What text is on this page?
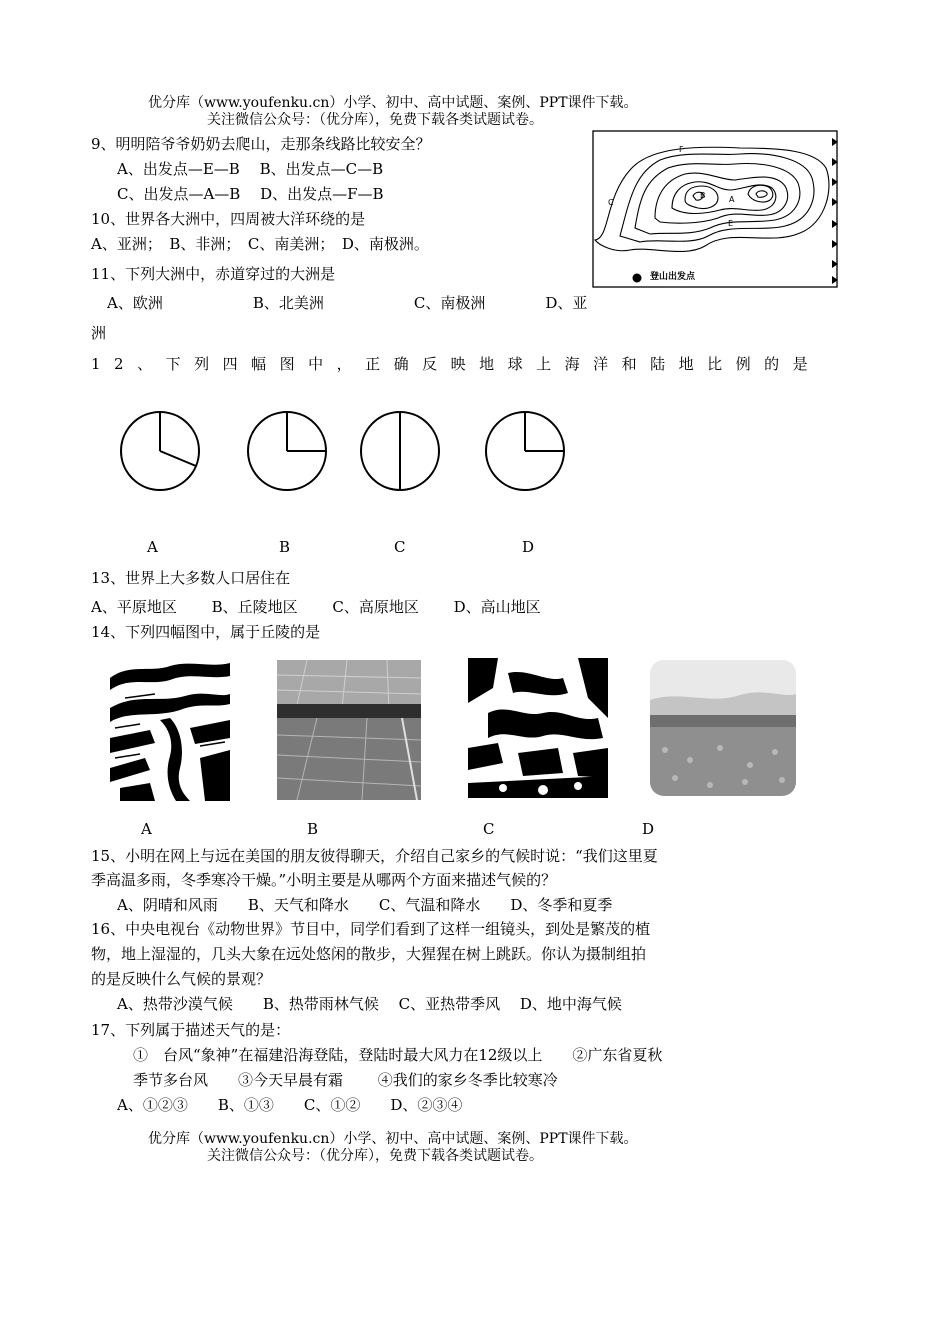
优分库（www.youfenku.cn）小学、初中、高中试题、案例、PPT课件下载。
关注微信公众号：（优分库），免费下载各类试题试卷。
9、明明陪爷爷奶奶去爬山，走那条线路比较安全？
A、出发点—E—B　 B、出发点—C—B
C、出发点—A—B　 D、出发点—F—B
F
B	A
C
E
登山出发点
10、世界各大洲中，四周被大洋环绕的是
A、亚洲；　B、非洲；　C、南美洲；　D、南极洲。
11、下列大洲中，赤道穿过的大洲是
A、欧洲　　　　　　B、北美洲　　　　　　C、南极洲　　　　D、亚
洲
12、下列四幅图中，正确反映地球上海洋和陆地比例的是
A	B	C	D
13、世界上大多数人口居住在
A、平原地区　　 B、丘陵地区　　 C、高原地区　　 D、高山地区
14、下列四幅图中，属于丘陵的是
A	B	C	D
15、小明在网上与远在美国的朋友彼得聊天，介绍自己家乡的气候时说：“我们这里夏
季高温多雨，冬季寒冷干燥。”小明主要是从哪两个方面来描述气候的？
A、阴晴和风雨　　B、天气和降水　　C、气温和降水　　D、冬季和夏季
16、中央电视台《动物世界》节目中，同学们看到了这样一组镜头，到处是繁茂的植
物，地上湿湿的，几头大象在远处悠闲的散步，大猩猩在树上跳跃。你认为摄制组拍
的是反映什么气候的景观？
A、热带沙漠气候　　B、热带雨林气候　 C、亚热带季风　 D、地中海气候
17、下列属于描述天气的是：
①　台风“象神”在福建沿海登陆，登陆时最大风力在12级以上　　②广东省夏秋
季节多台风　　③今天早晨有霜　　 ④我们的家乡冬季比较寒冷
A、①②③　　B、①③　　C、①②　　D、②③④
优分库（www.youfenku.cn）小学、初中、高中试题、案例、PPT课件下载。
关注微信公众号：（优分库），免费下载各类试题试卷。
